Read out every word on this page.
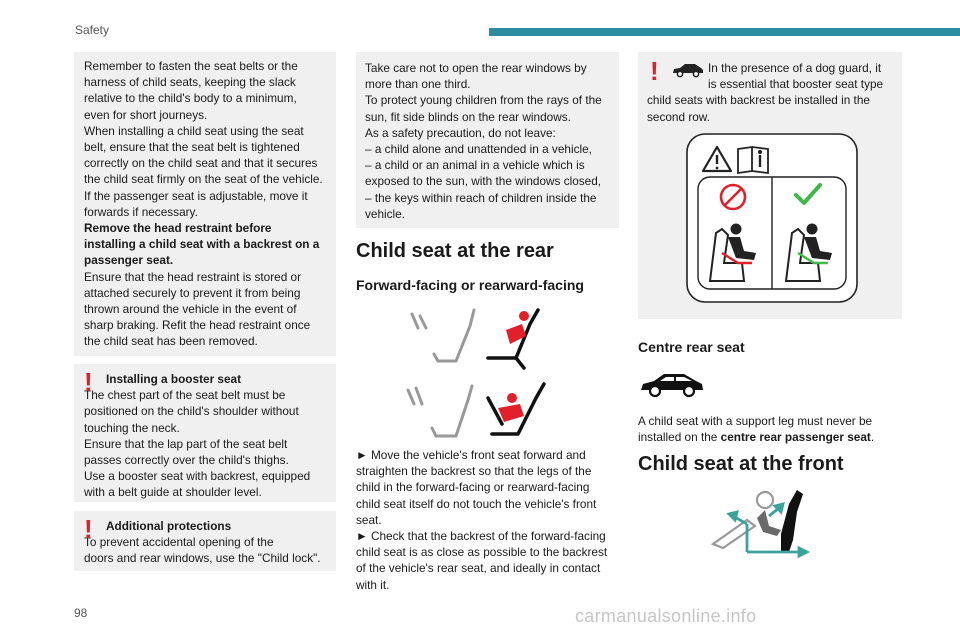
Safety
98	carmanualsonline.info

Remember to fasten the seat belts or the

harness of child seats, keeping the slack

relative to the child's body to a minimum,

even for short journeys.

When installing a child seat using the seat

belt, ensure that the seat belt is tightened

correctly on the child seat and that it secures

the child seat firmly on the seat of the vehicle.

If the passenger seat is adjustable, move it

forwards if necessary.

Remove the head restraint before

installing a child seat with a backrest on a

passenger seat.

Ensure that the head restraint is stored or

attached securely to prevent it from being

thrown around the vehicle in the event of

sharp braking. Refit the head restraint once

the child seat has been removed.

!	Installing a booster seat

The chest part of the seat belt must be

positioned on the child's shoulder without

touching the neck.

Ensure that the lap part of the seat belt

passes correctly over the child's thighs.

Use a booster seat with backrest, equipped

with a belt guide at shoulder level.

!	Additional protections

To prevent accidental opening of the

doors and rear windows, use the "Child lock".

Take care not to open the rear windows by

more than one third.

To protect young children from the rays of the

sun, fit side blinds on the rear windows.

As a safety precaution, do not leave:

– a child alone and unattended in a vehicle,

– a child or an animal in a vehicle which is

exposed to the sun, with the windows closed,

– the keys within reach of children inside the

vehicle.

Child seat at the rear
Forward-facing or rearward-facing

► Move the vehicle's front seat forward and

straighten the backrest so that the legs of the

child in the forward-facing or rearward-facing

child seat itself do not touch the vehicle's front

seat.

► Check that the backrest of the forward-facing

child seat is as close as possible to the backrest

of the vehicle's rear seat, and ideally in contact

with it.

!	In the presence of a dog guard, it

is essential that booster seat type

child seats with backrest be installed in the

second row.

Centre rear seat

A child seat with a support leg must never be

installed on the centre rear passenger seat.

Child seat at the front
